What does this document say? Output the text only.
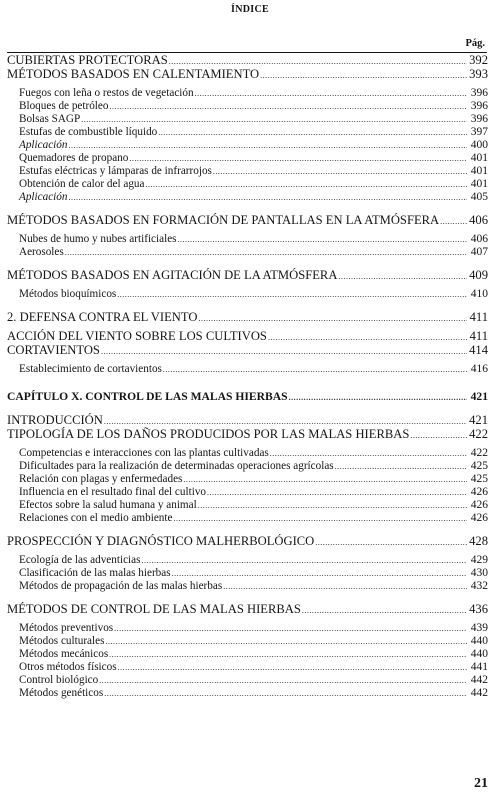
ÍNDICE
Pág.
CUBIERTAS PROTECTORAS .....	392
MÉTODOS BASADOS EN CALENTAMIENTO .....	393
Fuegos con leña o restos de vegetación .....	396
Bloques de petróleo .....	396
Bolsas SAGP .....	396
Estufas de combustible líquido .....	397
Aplicación .....	400
Quemadores de propano .....	401
Estufas eléctricas y lámparas de infrarrojos .....	401
Obtención de calor del agua .....	401
Aplicación .....	405
MÉTODOS BASADOS EN FORMACIÓN DE PANTALLAS EN LA ATMÓSFERA ..... 406
Nubes de humo y nubes artificiales .....	406
Aerosoles .....	407
MÉTODOS BASADOS EN AGITACIÓN DE LA ATMÓSFERA .....	409
Métodos bioquímicos .....	410
2. DEFENSA CONTRA EL VIENTO .....	411
ACCIÓN DEL VIENTO SOBRE LOS CULTIVOS .....	411
CORTAVIENTOS .....	414
Establecimiento de cortavientos .....	416
CAPÍTULO X. CONTROL DE LAS MALAS HIERBAS .....	421
INTRODUCCIÓN .....	421
TIPOLOGÍA DE LOS DAÑOS PRODUCIDOS POR LAS MALAS HIERBAS .....	422
Competencias e interacciones con las plantas cultivadas .....	422
Dificultades para la realización de determinadas operaciones agrícolas .....	425
Relación con plagas y enfermedades .....	425
Influencia en el resultado final del cultivo .....	426
Efectos sobre la salud humana y animal .....	426
Relaciones con el medio ambiente .....	426
PROSPECCIÓN Y DIAGNÓSTICO MALHERBOLÓGICO .....	428
Ecología de las adventicias .....	429
Clasificación de las malas hierbas .....	430
Métodos de propagación de las malas hierbas .....	432
MÉTODOS DE CONTROL DE LAS MALAS HIERBAS .....	436
Métodos preventivos .....	439
Métodos culturales .....	440
Métodos mecánicos .....	440
Otros métodos físicos .....	441
Control biológico .....	442
Métodos genéticos .....	442
21
